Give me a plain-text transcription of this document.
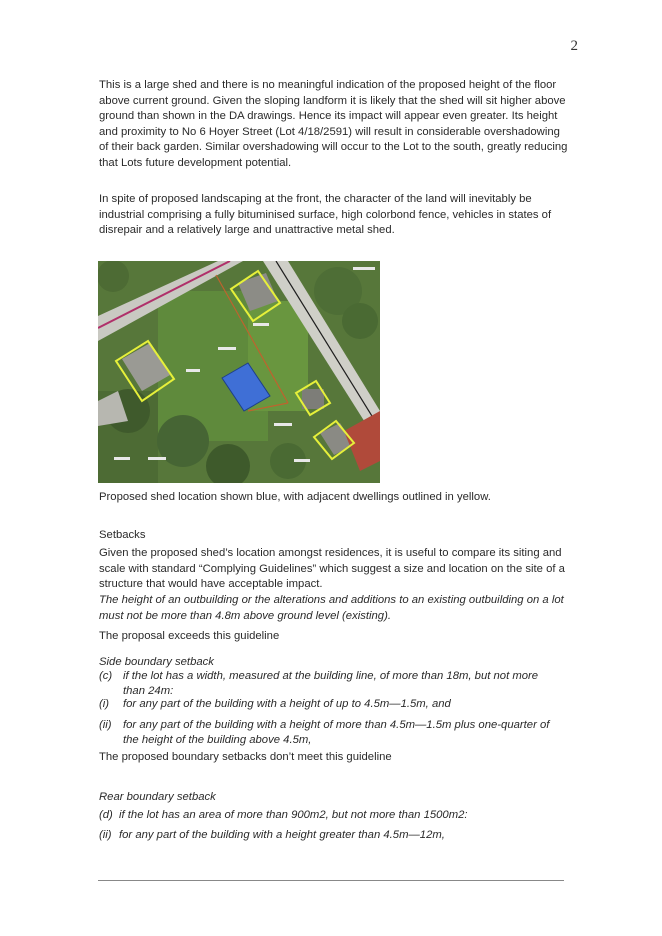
2

This is a large shed and there is no meaningful indication of the proposed height of the floor above current ground. Given the sloping landform it is likely that the shed will sit higher above ground than shown in the DA drawings. Hence its impact will appear even greater. Its height and proximity to No 6 Hoyer Street (Lot 4/18/2591) will result in considerable overshadowing of their back garden. Similar overshadowing will occur to the Lot to the south, greatly reducing that Lots future development potential.

In spite of proposed landscaping at the front, the character of the land will inevitably be industrial comprising a fully bituminised surface, high colorbond fence, vehicles in states of disrepair and a relatively large and unattractive metal shed.

Proposed shed location shown blue, with adjacent dwellings outlined in yellow.

Setbacks

Given the proposed shed’s location amongst residences, it is useful to compare its siting and scale with standard “Complying Guidelines” which suggest a size and location on the site of a structure that would have acceptable impact.

The height of an outbuilding or the alterations and additions to an existing outbuilding on a lot must not be more than 4.8m above ground level (existing).

The proposal exceeds this guideline

Side boundary setback

(c) if the lot has a width, measured at the building line, of more than 18m, but not more than 24m:
(i) for any part of the building with a height of up to 4.5m—1.5m, and
(ii) for any part of the building with a height of more than 4.5m—1.5m plus one-quarter of the height of the building above 4.5m,

The proposed boundary setbacks don’t meet this guideline

Rear boundary setback

(d) if the lot has an area of more than 900m2, but not more than 1500m2:
(ii) for any part of the building with a height greater than 4.5m—12m,
